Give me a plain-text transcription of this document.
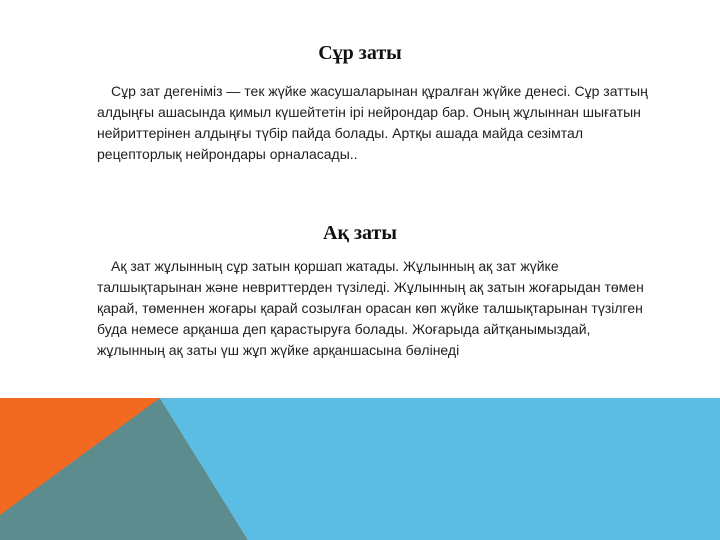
Сұр заты

Сұр зат дегеніміз — тек жүйке жасушаларынан құралған жүйке денесі. Сұр заттың алдыңғы ашасында қимыл күшейтетін ірі нейрондар бар. Оның жұлыннан шығатын нейриттерінен алдыңғы түбір пайда болады. Артқы ашада майда сезімтал рецепторлық нейрондары орналасады..

Ақ заты

Ақ зат жұлынның сұр затын қоршап жатады. Жұлынның ақ зат жүйке талшықтарынан және невриттерден түзіледі. Жұлынның ақ затын жоғарыдан төмен қарай, төменнен жоғары қарай созылған орасан көп жүйке талшықтарынан түзілген буда немесе арқанша деп қарастыруға болады. Жоғарыда айтқанымыздай, жұлынның ақ заты үш жұп жүйке арқаншасына бөлінеді
